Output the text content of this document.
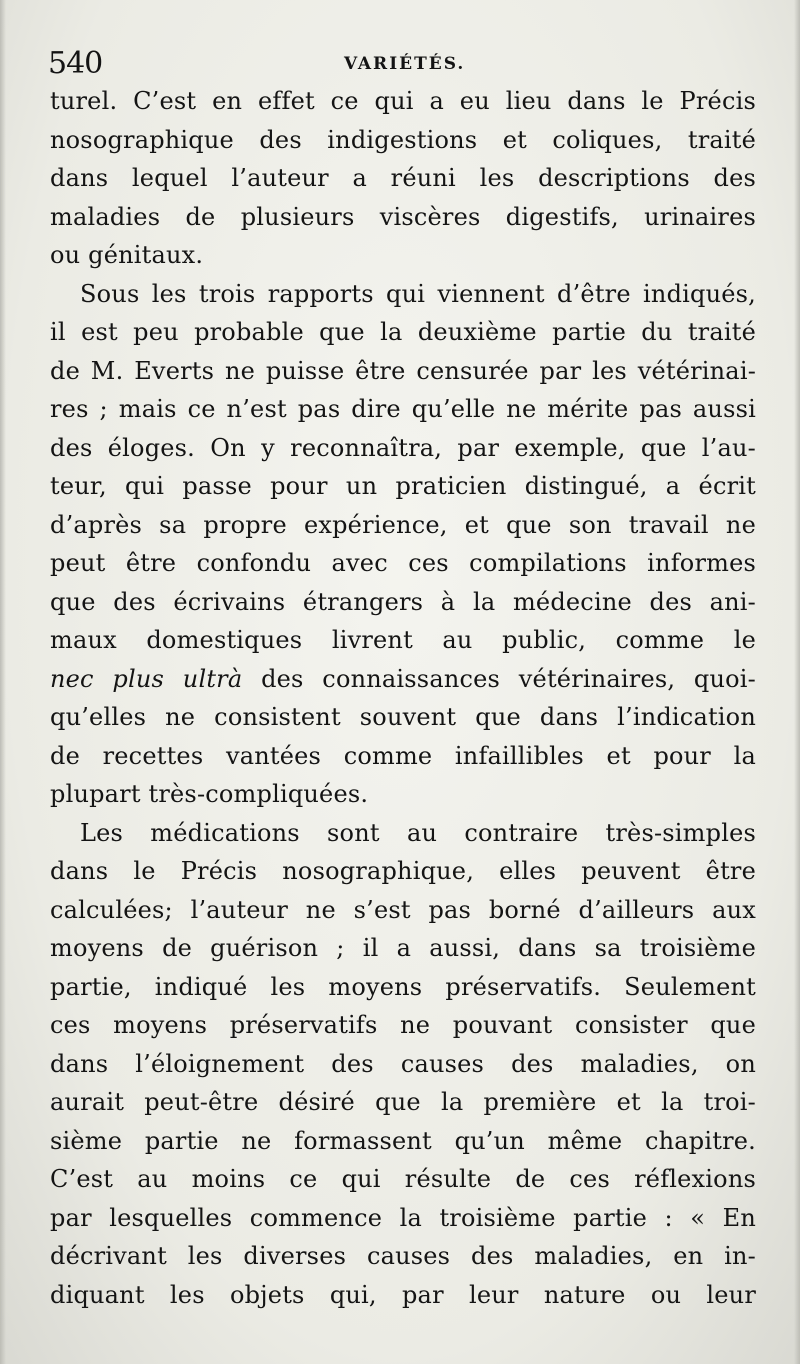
540	VARIÉTÉS.
turel. C’est en effet ce qui a eu lieu dans le Précis
nosographique des indigestions et coliques, traité
dans lequel l’auteur a réuni les descriptions des
maladies de plusieurs viscères digestifs, urinaires
ou génitaux.
Sous les trois rapports qui viennent d’être indiqués,
il est peu probable que la deuxième partie du traité
de M. Everts ne puisse être censurée par les vétérinai-
res ; mais ce n’est pas dire qu’elle ne mérite pas aussi
des éloges. On y reconnaîtra, par exemple, que l’au-
teur, qui passe pour un praticien distingué, a écrit
d’après sa propre expérience, et que son travail ne
peut être confondu avec ces compilations informes
que des écrivains étrangers à la médecine des ani-
maux domestiques livrent au public, comme le
nec plus ultrà des connaissances vétérinaires, quoi-
qu’elles ne consistent souvent que dans l’indication
de recettes vantées comme infaillibles et pour la
plupart très-compliquées.
Les médications sont au contraire très-simples
dans le Précis nosographique, elles peuvent être
calculées; l’auteur ne s’est pas borné d’ailleurs aux
moyens de guérison ; il a aussi, dans sa troisième
partie, indiqué les moyens préservatifs. Seulement
ces moyens préservatifs ne pouvant consister que
dans l’éloignement des causes des maladies, on
aurait peut-être désiré que la première et la troi-
sième partie ne formassent qu’un même chapitre.
C’est au moins ce qui résulte de ces réflexions
par lesquelles commence la troisième partie : « En
décrivant les diverses causes des maladies, en in-
diquant les objets qui, par leur nature ou leur
